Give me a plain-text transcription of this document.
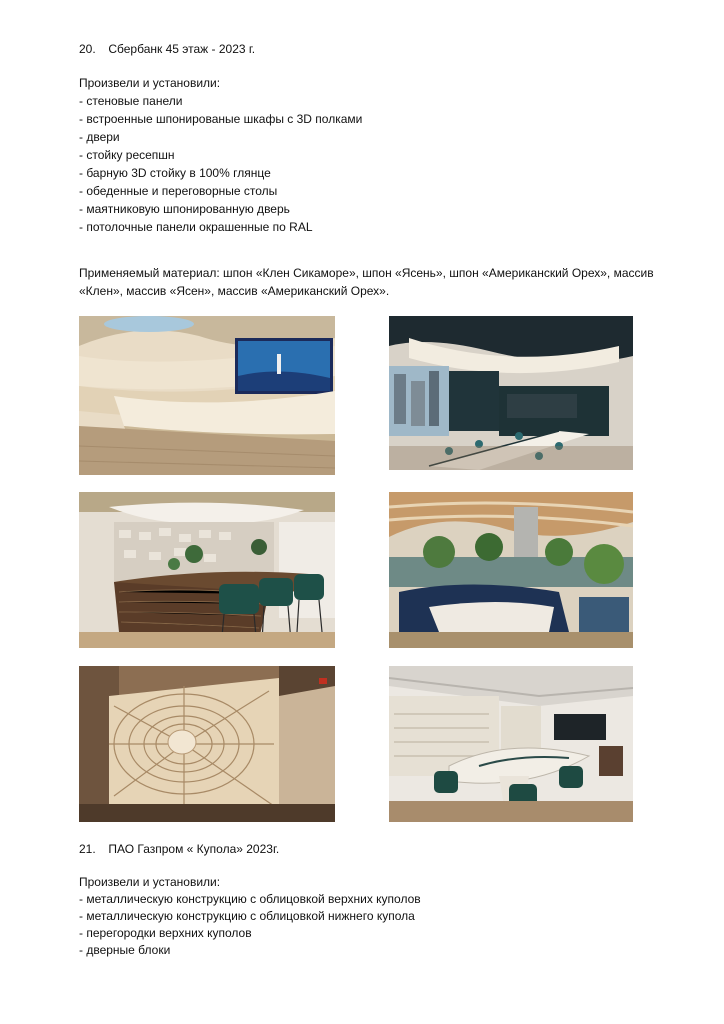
20. Сбербанк 45 этаж - 2023 г.
Произвели и установили:
- стеновые панели
- встроенные шпонированые шкафы с 3D полками
- двери
- стойку ресепшн
- барную 3D стойку в 100% глянце
- обеденные и переговорные столы
- маятниковую шпонированную дверь
- потолочные панели окрашенные по RAL
Применяемый материал: шпон «Клен Сикаморе», шпон «Ясень», шпон «Американский Орех», массив
«Клен», массив «Ясен», массив «Американский Орех».
21. ПАО Газпром « Купола» 2023г.
Произвели и установили:
- металлическую конструкцию с облицовкой верхних куполов
- металлическую конструкцию с облицовкой нижнего купола
- перегородки верхних куполов
- дверные блоки
